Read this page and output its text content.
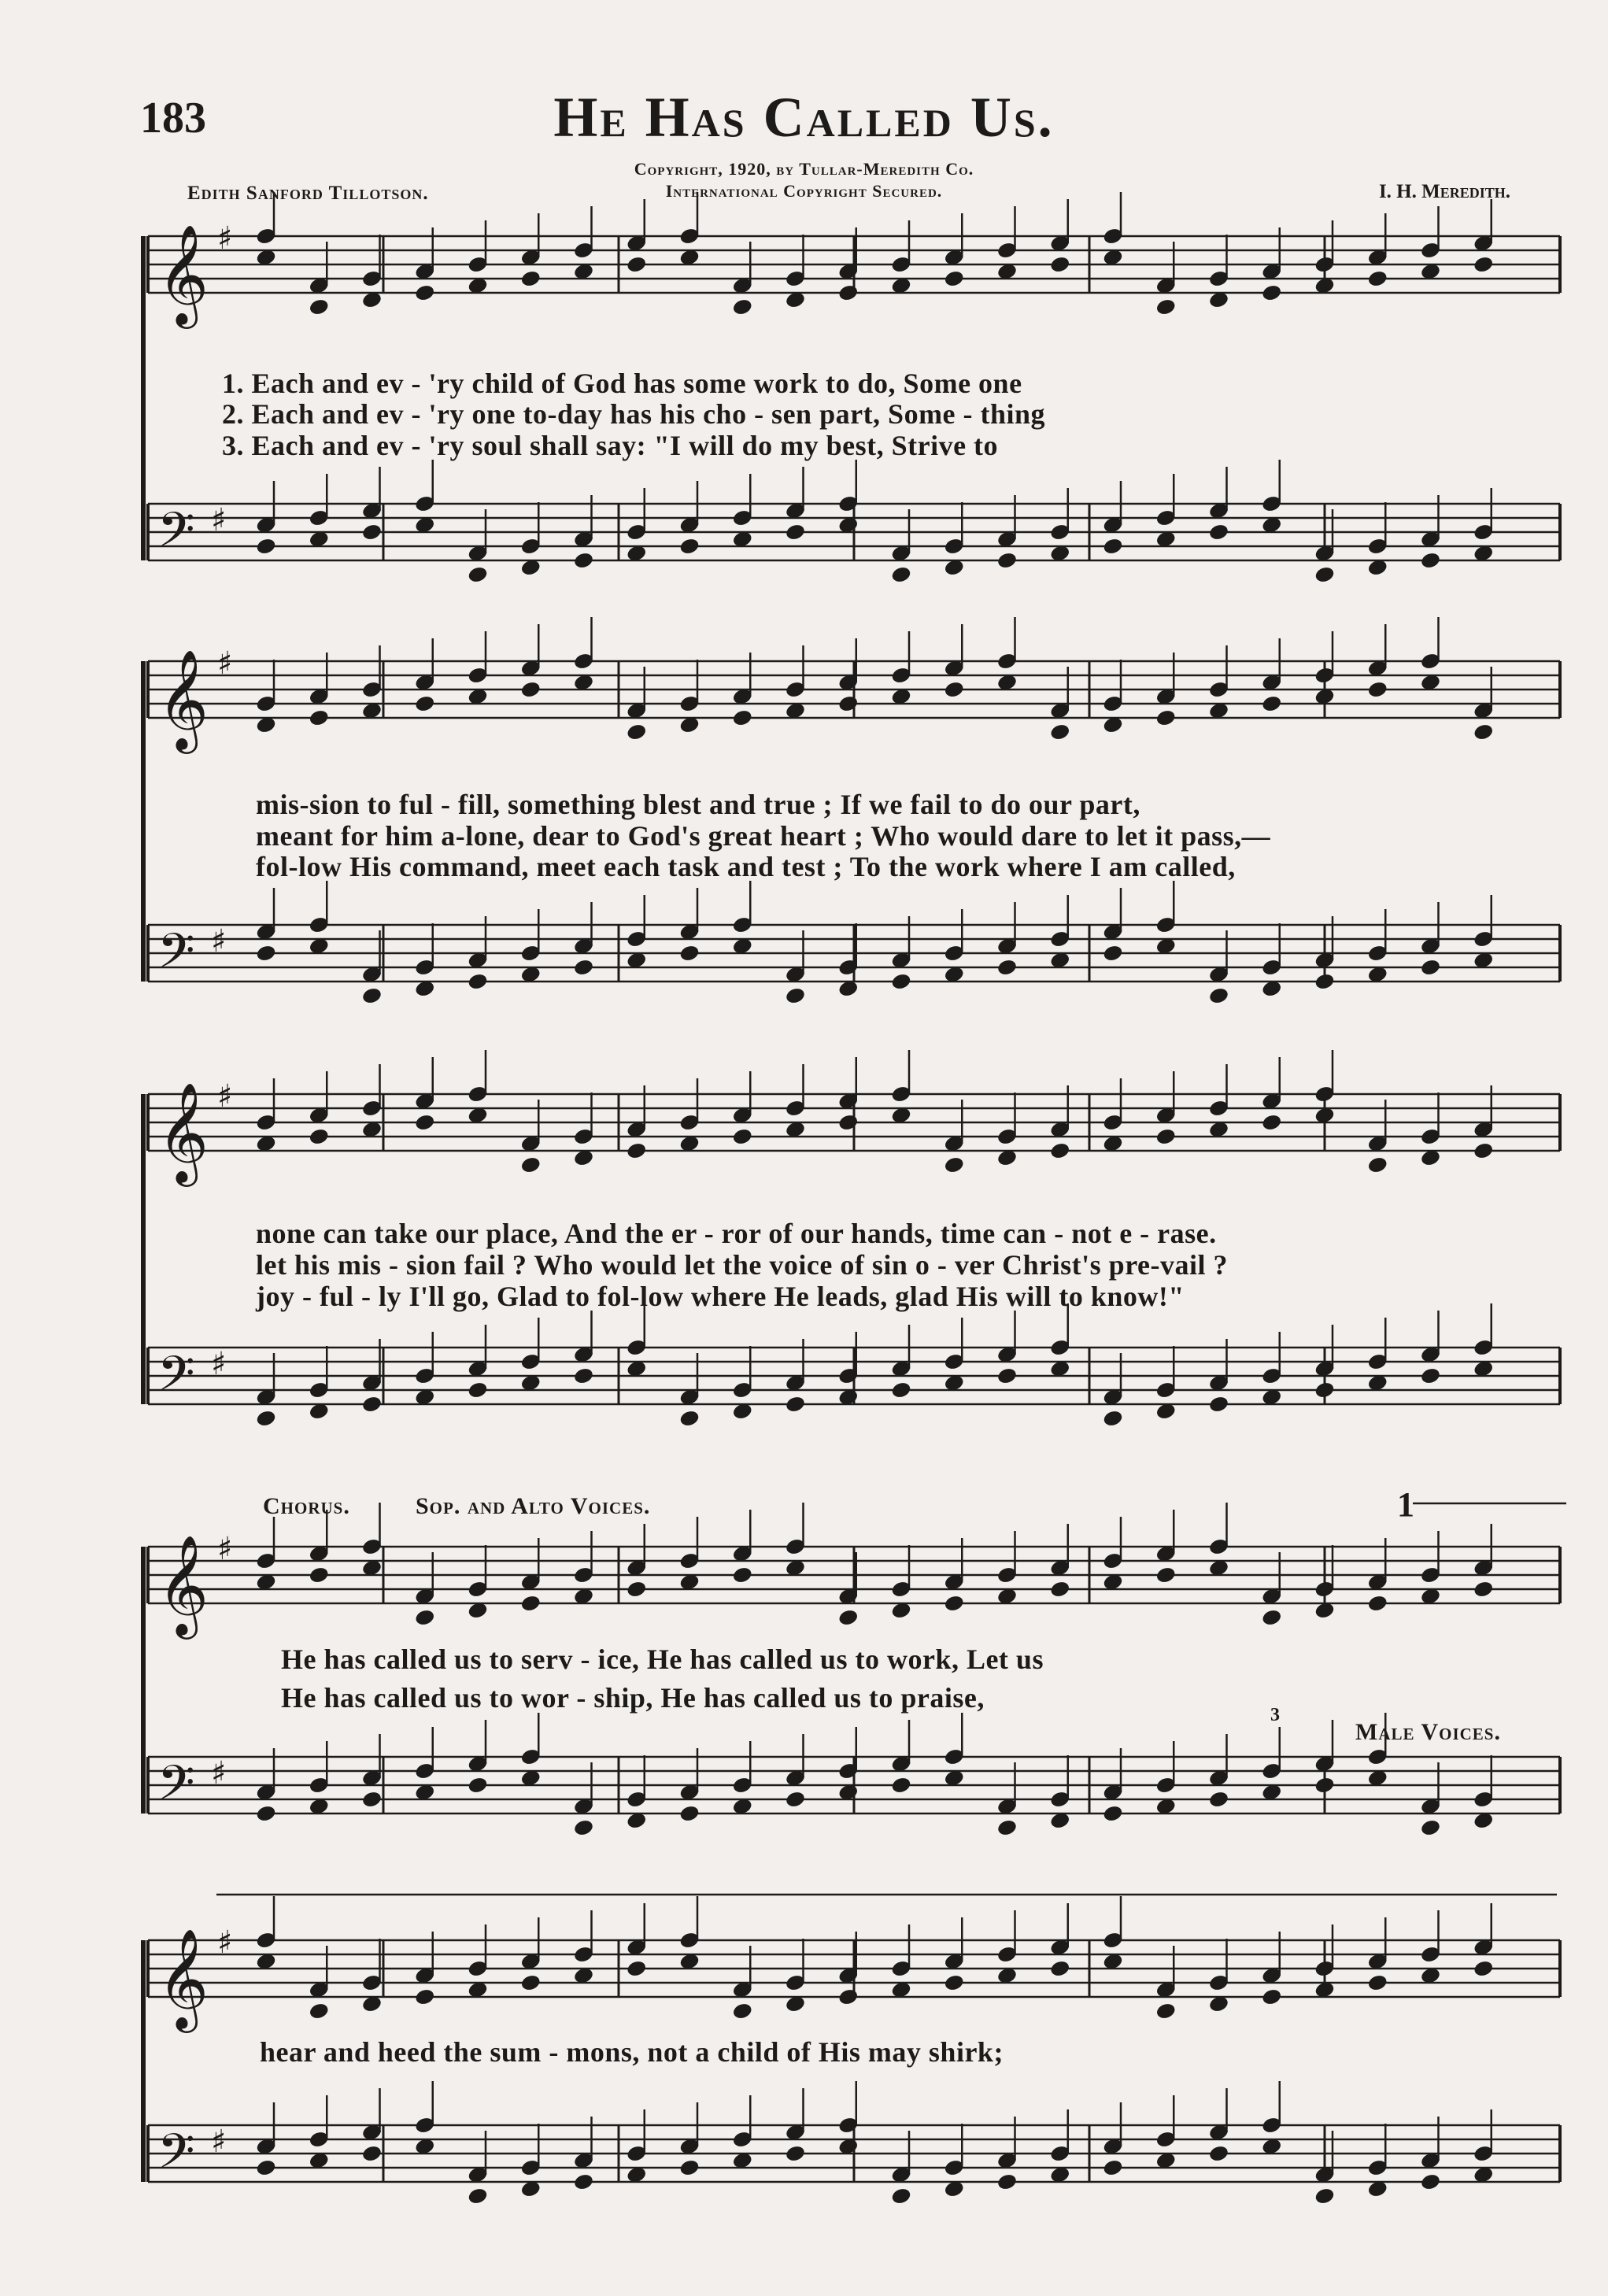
183	He Has Called Us.
Copyright, 1920, by Tullar-Meredith Co.
International Copyright Secured.
Edith Sanford Tillotson.	I. H. Meredith.
𝄞 ♯
𝄢 ♯
𝄞 ♯
𝄢 ♯
𝄞 ♯
𝄢 ♯
𝄞 ♯
𝄢 ♯
𝄞 ♯
𝄢 ♯
1. Each and ev - 'ry child of God has some work to do, Some one
2. Each and ev - 'ry one to-day has his cho - sen part, Some - thing
3. Each and ev - 'ry soul shall say: "I will do my best, Strive to
mis-sion to ful - fill, something blest and true ; If we fail to do our part,
meant for him a-lone, dear to God's great heart ; Who would dare to let it pass,—
fol-low His command, meet each task and test ; To the work where I am called,
none can take our place, And the er - ror of our hands, time can - not e - rase.
let his mis - sion fail ? Who would let the voice of sin o - ver Christ's pre-vail ?
joy - ful - ly I'll go, Glad to fol-low where He leads, glad His will to know!"
Chorus.	Sop. and Alto Voices.	1
He has called us to serv - ice, He has called us to work, Let us
He has called us to wor - ship, He has called us to praise,
3
Male Voices.
hear and heed the sum - mons, not a child of His may shirk;
